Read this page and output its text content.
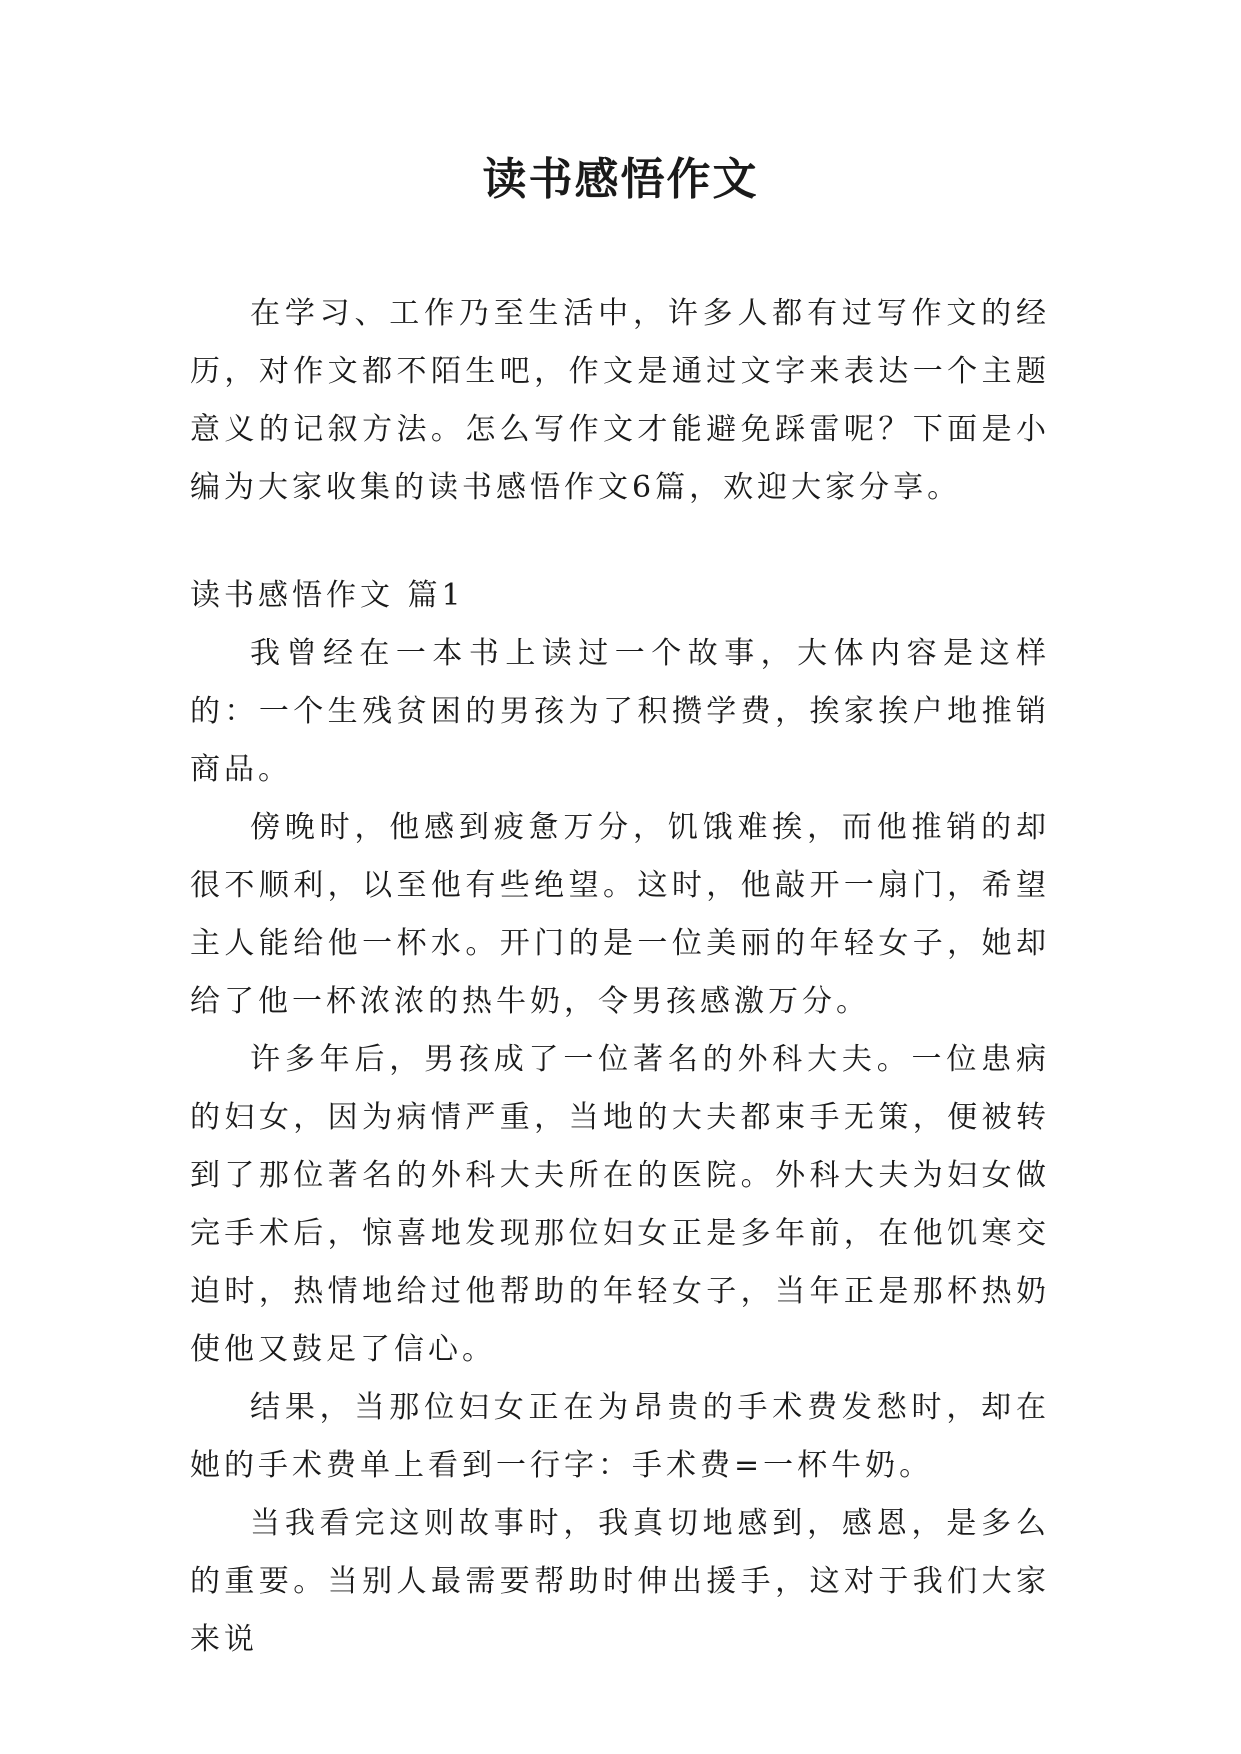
读书感悟作文

在学习、工作乃至生活中，许多人都有过写作文的经历，对作文都不陌生吧，作文是通过文字来表达一个主题意义的记叙方法。怎么写作文才能避免踩雷呢？下面是小编为大家收集的读书感悟作文6篇，欢迎大家分享。

读书感悟作文 篇1

我曾经在一本书上读过一个故事，大体内容是这样的：一个生残贫困的男孩为了积攒学费，挨家挨户地推销商品。

傍晚时，他感到疲惫万分，饥饿难挨，而他推销的却很不顺利，以至他有些绝望。这时，他敲开一扇门，希望主人能给他一杯水。开门的是一位美丽的年轻女子，她却给了他一杯浓浓的热牛奶，令男孩感激万分。

许多年后，男孩成了一位著名的外科大夫。一位患病的妇女，因为病情严重，当地的大夫都束手无策，便被转到了那位著名的外科大夫所在的医院。外科大夫为妇女做完手术后，惊喜地发现那位妇女正是多年前，在他饥寒交迫时，热情地给过他帮助的年轻女子，当年正是那杯热奶使他又鼓足了信心。

结果，当那位妇女正在为昂贵的手术费发愁时，却在她的手术费单上看到一行字：手术费=一杯牛奶。

当我看完这则故事时，我真切地感到，感恩，是多么的重要。当别人最需要帮助时伸出援手，这对于我们大家来说
